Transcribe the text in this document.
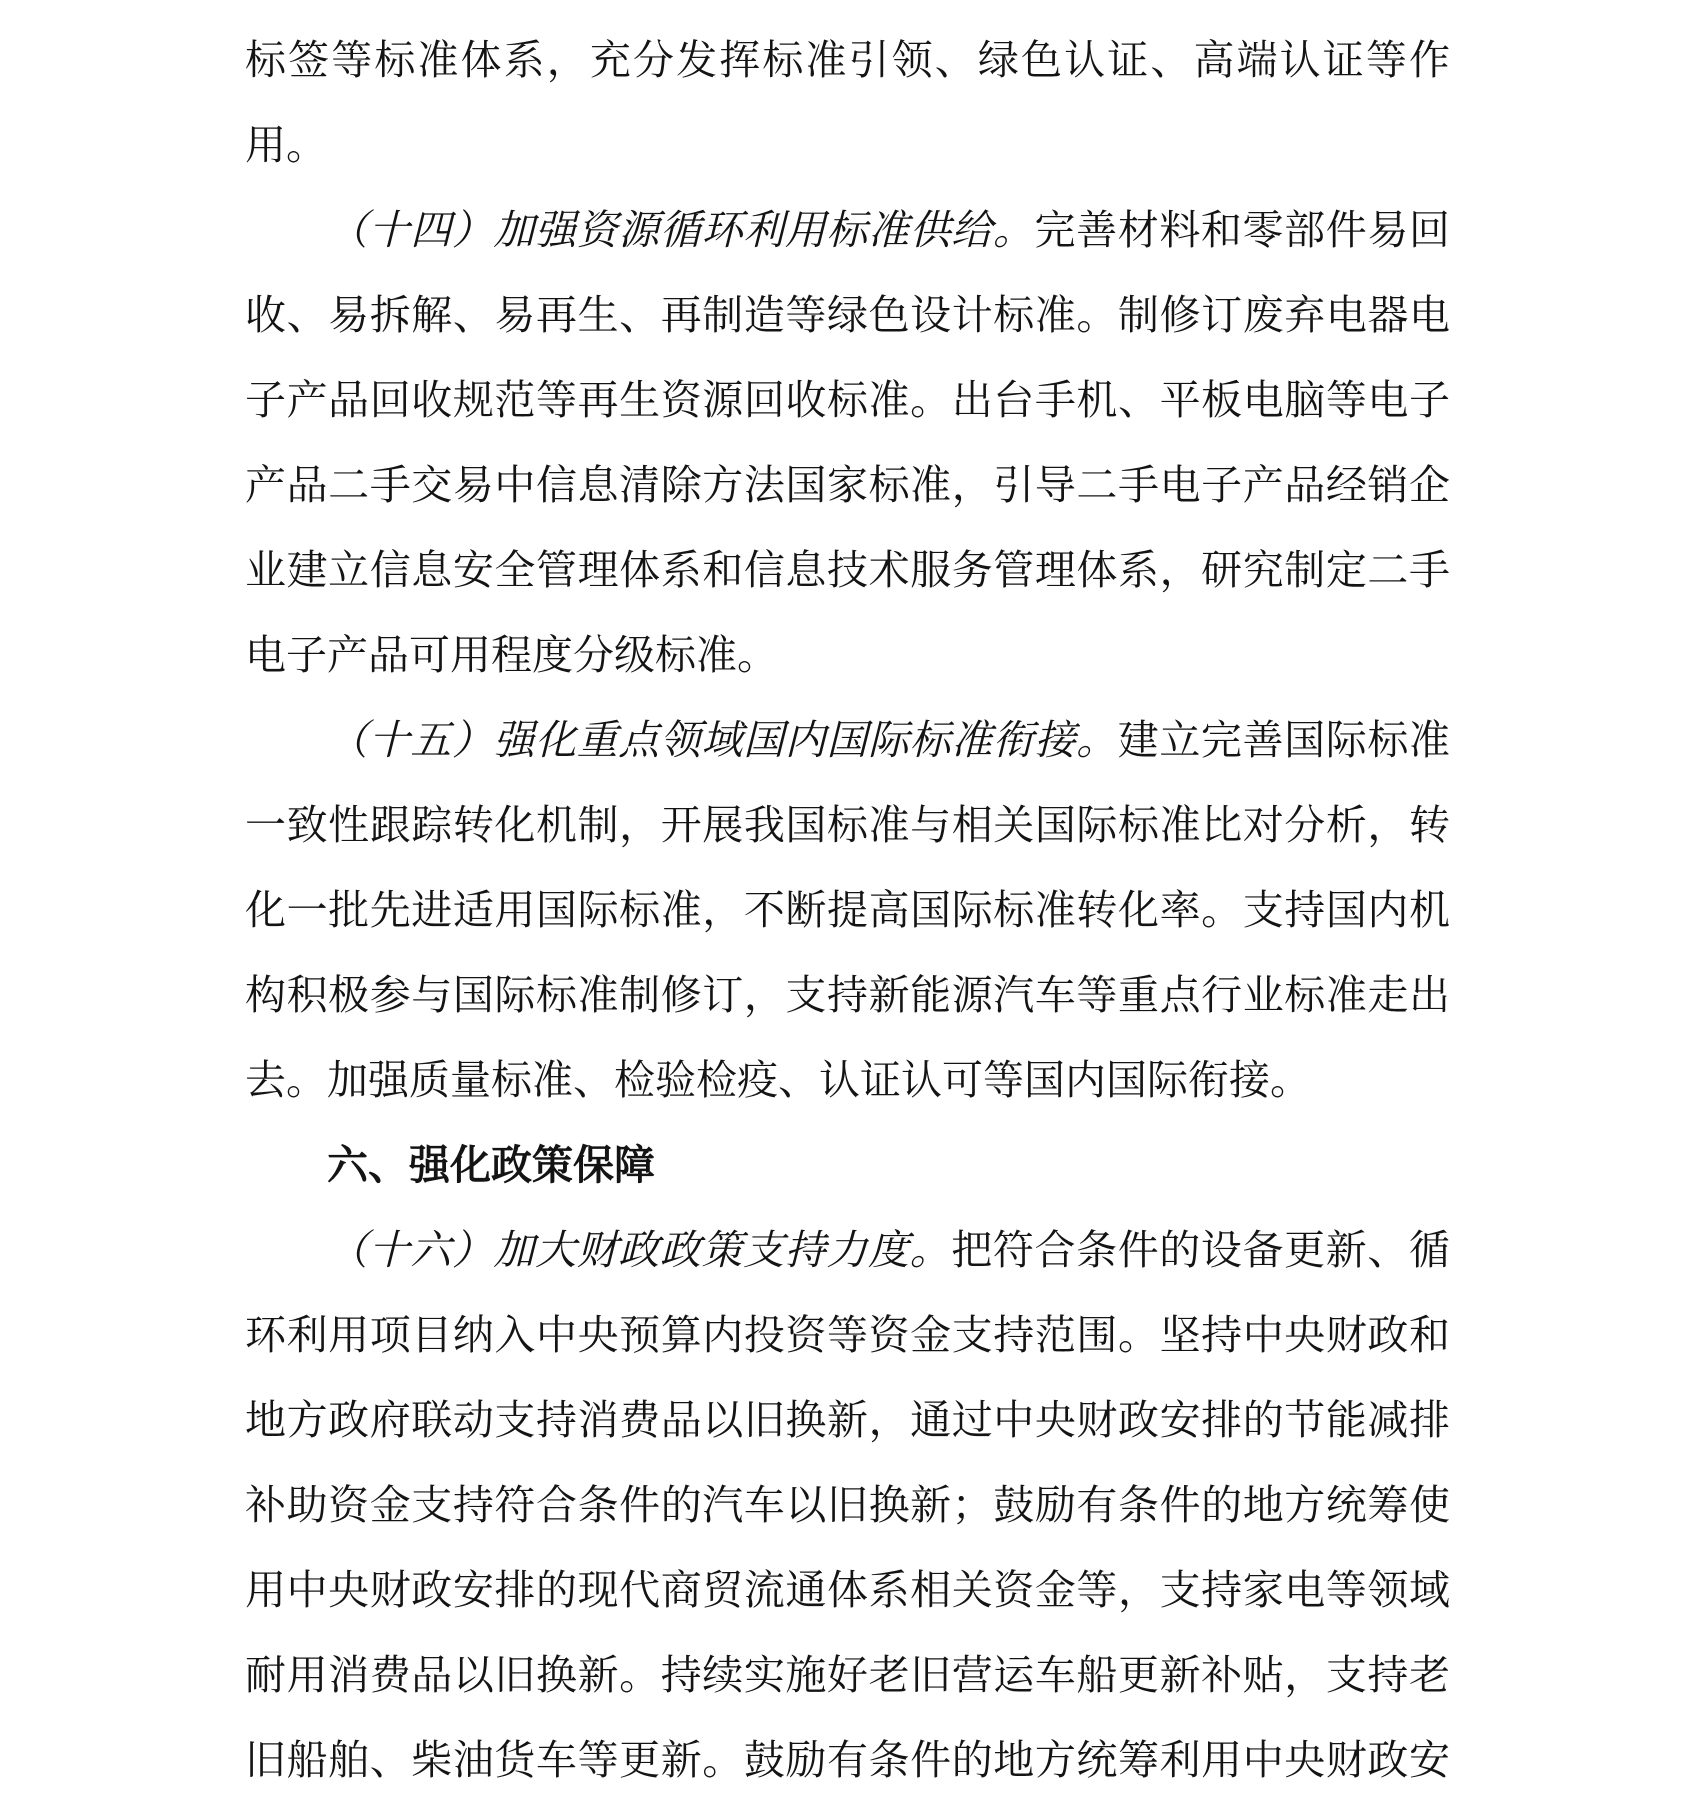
标签等标准体系，充分发挥标准引领、绿色认证、高端认证等作
用。
（十四）加强资源循环利用标准供给。完善材料和零部件易回
收、易拆解、易再生、再制造等绿色设计标准。制修订废弃电器电
子产品回收规范等再生资源回收标准。出台手机、平板电脑等电子
产品二手交易中信息清除方法国家标准，引导二手电子产品经销企
业建立信息安全管理体系和信息技术服务管理体系，研究制定二手
电子产品可用程度分级标准。
（十五）强化重点领域国内国际标准衔接。建立完善国际标准
一致性跟踪转化机制，开展我国标准与相关国际标准比对分析，转
化一批先进适用国际标准，不断提高国际标准转化率。支持国内机
构积极参与国际标准制修订，支持新能源汽车等重点行业标准走出
去。加强质量标准、检验检疫、认证认可等国内国际衔接。
六、强化政策保障
（十六）加大财政政策支持力度。把符合条件的设备更新、循
环利用项目纳入中央预算内投资等资金支持范围。坚持中央财政和
地方政府联动支持消费品以旧换新，通过中央财政安排的节能减排
补助资金支持符合条件的汽车以旧换新；鼓励有条件的地方统筹使
用中央财政安排的现代商贸流通体系相关资金等，支持家电等领域
耐用消费品以旧换新。持续实施好老旧营运车船更新补贴，支持老
旧船舶、柴油货车等更新。鼓励有条件的地方统筹利用中央财政安
